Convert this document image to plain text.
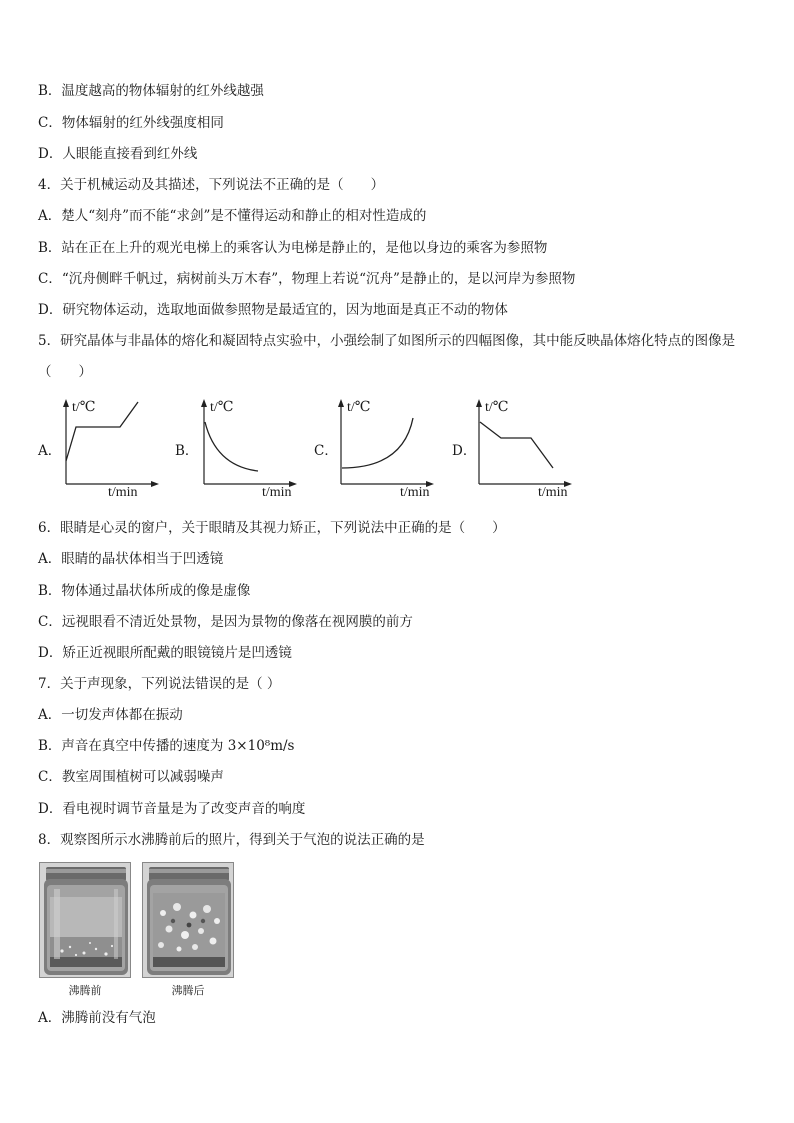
B．温度越高的物体辐射的红外线越强
C．物体辐射的红外线强度相同
D．人眼能直接看到红外线
4．关于机械运动及其描述，下列说法不正确的是（　　）
A．楚人“刻舟”而不能“求剑”是不懂得运动和静止的相对性造成的
B．站在正在上升的观光电梯上的乘客认为电梯是静止的，是他以身边的乘客为参照物
C．“沉舟侧畔千帆过，病树前头万木春”，物理上若说“沉舟”是静止的，是以河岸为参照物
D．研究物体运动，选取地面做参照物是最适宜的，因为地面是真正不动的物体
5．研究晶体与非晶体的熔化和凝固特点实验中，小强绘制了如图所示的四幅图像，其中能反映晶体熔化特点的图像是
（　　）
A．
t/℃
t/min
B．
t/℃
t/min
C．
t/℃
t/min
D．
t/℃
t/min
6．眼睛是心灵的窗户，关于眼睛及其视力矫正，下列说法中正确的是（　　）
A．眼睛的晶状体相当于凹透镜
B．物体通过晶状体所成的像是虚像
C．远视眼看不清近处景物，是因为景物的像落在视网膜的前方
D．矫正近视眼所配戴的眼镜镜片是凹透镜
7．关于声现象，下列说法错误的是（ ）
A．一切发声体都在振动
B．声音在真空中传播的速度为 3×10⁸m/s
C．教室周围植树可以减弱噪声
D．看电视时调节音量是为了改变声音的响度
8．观察图所示水沸腾前后的照片，得到关于气泡的说法正确的是
沸腾前	沸腾后
A．沸腾前没有气泡
